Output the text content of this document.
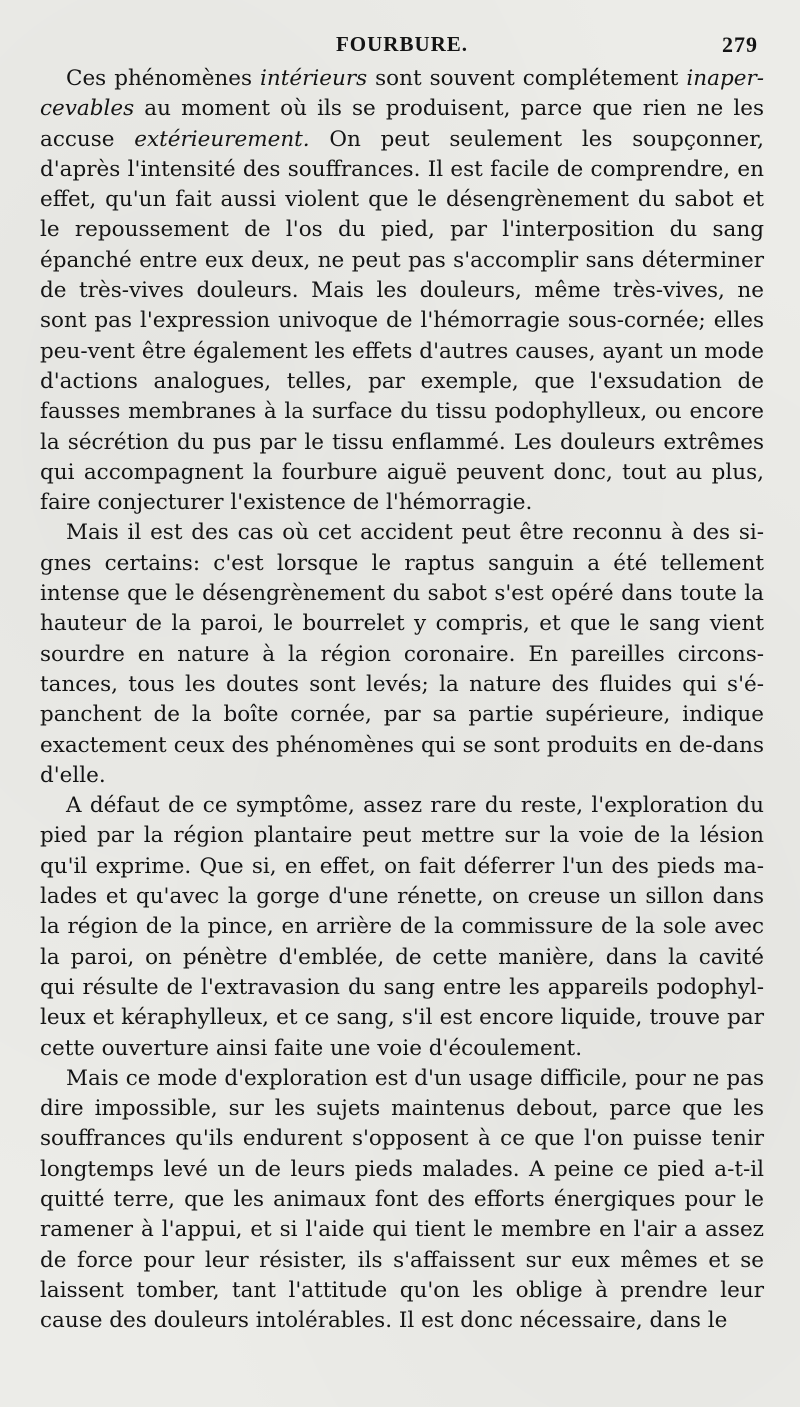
FOURBURE.	279

Ces phénomènes intérieurs sont souvent complétement inaper-cevables au moment où ils se produisent, parce que rien ne les accuse extérieurement. On peut seulement les soupçonner, d'après l'intensité des souffrances. Il est facile de comprendre, en effet, qu'un fait aussi violent que le désengrènement du sabot et le repoussement de l'os du pied, par l'interposition du sang épanché entre eux deux, ne peut pas s'accomplir sans déterminer de très-vives douleurs. Mais les douleurs, même très-vives, ne sont pas l'expression univoque de l'hémorragie sous-cornée; elles peu-vent être également les effets d'autres causes, ayant un mode d'actions analogues, telles, par exemple, que l'exsudation de fausses membranes à la surface du tissu podophylleux, ou encore la sécrétion du pus par le tissu enflammé. Les douleurs extrêmes qui accompagnent la fourbure aiguë peuvent donc, tout au plus, faire conjecturer l'existence de l'hémorragie.

Mais il est des cas où cet accident peut être reconnu à des si-gnes certains: c'est lorsque le raptus sanguin a été tellement intense que le désengrènement du sabot s'est opéré dans toute la hauteur de la paroi, le bourrelet y compris, et que le sang vient sourdre en nature à la région coronaire. En pareilles circons-tances, tous les doutes sont levés; la nature des fluides qui s'é-panchent de la boîte cornée, par sa partie supérieure, indique exactement ceux des phénomènes qui se sont produits en de-dans d'elle.

A défaut de ce symptôme, assez rare du reste, l'exploration du pied par la région plantaire peut mettre sur la voie de la lésion qu'il exprime. Que si, en effet, on fait déferrer l'un des pieds ma-lades et qu'avec la gorge d'une rénette, on creuse un sillon dans la région de la pince, en arrière de la commissure de la sole avec la paroi, on pénètre d'emblée, de cette manière, dans la cavité qui résulte de l'extravasion du sang entre les appareils podophyl-leux et kéraphylleux, et ce sang, s'il est encore liquide, trouve par cette ouverture ainsi faite une voie d'écoulement.

Mais ce mode d'exploration est d'un usage difficile, pour ne pas dire impossible, sur les sujets maintenus debout, parce que les souffrances qu'ils endurent s'opposent à ce que l'on puisse tenir longtemps levé un de leurs pieds malades. A peine ce pied a-t-il quitté terre, que les animaux font des efforts énergiques pour le ramener à l'appui, et si l'aide qui tient le membre en l'air a assez de force pour leur résister, ils s'affaissent sur eux mêmes et se laissent tomber, tant l'attitude qu'on les oblige à prendre leur cause des douleurs intolérables. Il est donc nécessaire, dans le
